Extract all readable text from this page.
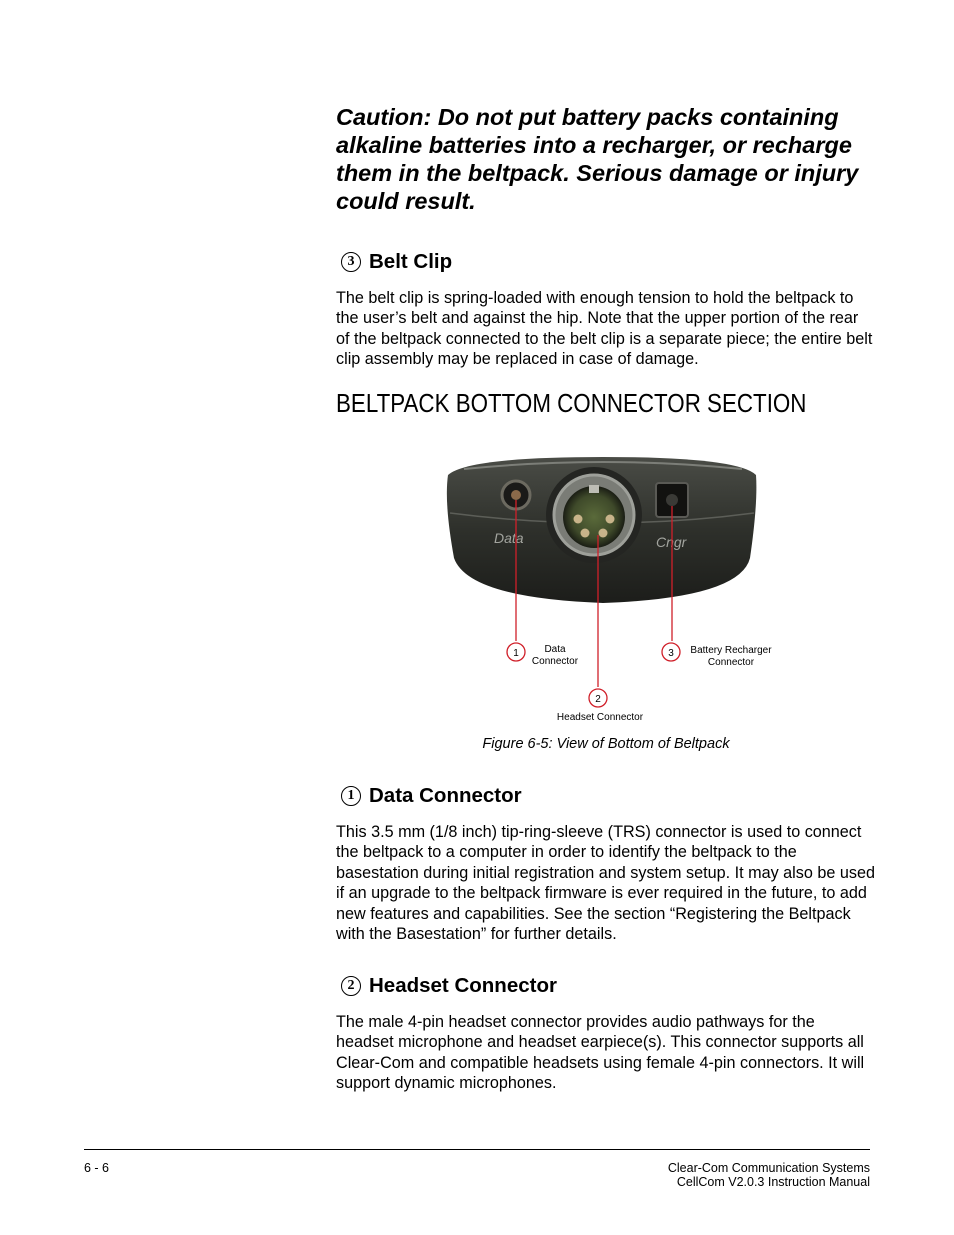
Caution: Do not put battery packs containing alkaline batteries into a recharger, or recharge them in the beltpack. Serious damage or injury could result.
3 Belt Clip
The belt clip is spring-loaded with enough tension to hold the beltpack to the user’s belt and against the hip. Note that the upper portion of the rear of the beltpack connected to the belt clip is a separate piece; the entire belt clip assembly may be replaced in case of damage.
BELTPACK BOTTOM CONNECTOR SECTION
Data	Cngr
1
2
3
Data
Connector
Headset Connector
Battery Recharger
Connector
Figure 6-5: View of Bottom of Beltpack
1 Data Connector
This 3.5 mm (1/8 inch) tip-ring-sleeve (TRS) connector is used to connect the beltpack to a computer in order to identify the beltpack to the basestation during initial registration and system setup. It may also be used if an upgrade to the beltpack firmware is ever required in the future, to add new features and capabilities. See the section “Registering the Beltpack with the Basestation” for further details.
2 Headset Connector
The male 4-pin headset connector provides audio pathways for the headset microphone and headset earpiece(s). This connector supports all Clear-Com and compatible headsets using female 4-pin connectors. It will support dynamic microphones.
6 - 6	Clear-Com Communication Systems
CellCom V2.0.3 Instruction Manual
